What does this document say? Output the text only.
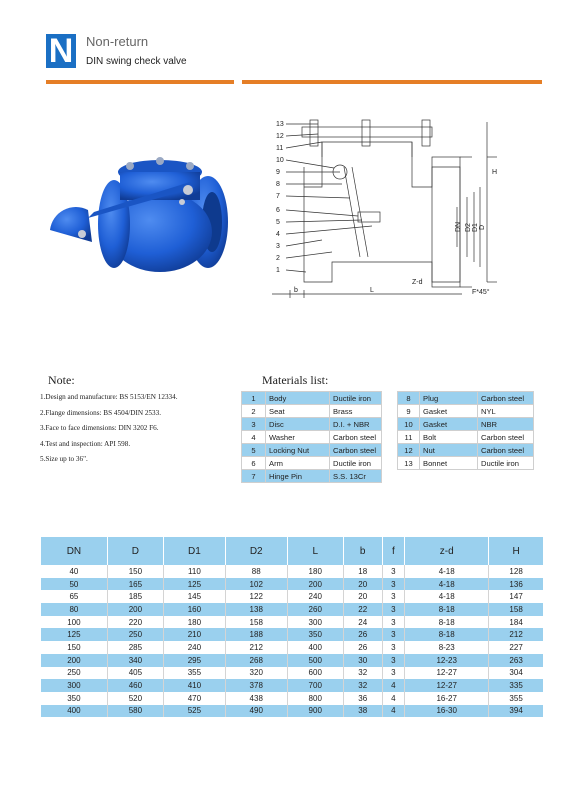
N Non-return
DIN swing check valve
13
12
11
10
9
8
7
6
5
4
3
2
1
b	L
Z-d
F*45°
H
DN D2 D1 D
Note:
1.Design and manufacture: BS 5153/EN 12334.
2.Flange dimensions: BS 4504/DIN 2533.
3.Face to face dimensions: DIN 3202 F6.
4.Test and inspection: API 598.
5.Size up to 36".
Materials list:
1	Body	Ductile iron
2	Seat	Brass
3	Disc	D.I. + NBR
4	Washer	Carbon steel
5	Locking Nut	Carbon steel
6	Arm	Ductile iron
7	Hinge Pin	S.S. 13Cr
8	Plug	Carbon steel
9	Gasket	NYL
10	Gasket	NBR
11	Bolt	Carbon steel
12	Nut	Carbon steel
13	Bonnet	Ductile iron
DN	D	D1	D2	L	b	f	z-d	H
40	150	110	88	180	18	3	4-18	128
50	165	125	102	200	20	3	4-18	136
65	185	145	122	240	20	3	4-18	147
80	200	160	138	260	22	3	8-18	158
100	220	180	158	300	24	3	8-18	184
125	250	210	188	350	26	3	8-18	212
150	285	240	212	400	26	3	8-23	227
200	340	295	268	500	30	3	12-23	263
250	405	355	320	600	32	3	12-27	304
300	460	410	378	700	32	4	12-27	335
350	520	470	438	800	36	4	16-27	355
400	580	525	490	900	38	4	16-30	394
